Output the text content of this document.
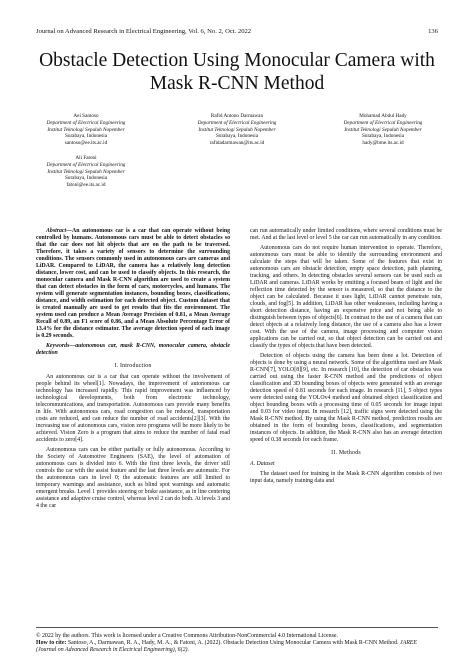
Journal on Advanced Research in Electrical Engineering, Vol. 6, No. 2, Oct. 2022	136
Obstacle Detection Using Monocular Camera with
Mask R-CNN Method
Aei Santoso
Department of Electrical Engineering
Institut Teknologi Sepuluh Nopember
Surabaya, Indonesia
santoso@ee.its.ac.id
Rafid Antono Darmawan
Department of Electrical Engineering
Institut Teknologi Sepuluh Nopember
Surabaya, Indonesia
rafidadarmawan@its.ac.id
Mohamad Abdul Hady
Department of Electrical Engineering
Institut Teknologi Sepuluh Nopember
Surabaya, Indonesia
hady@bme.its.ac.id
Ali Fatoni
Department of Electrical Engineering
Institut Teknologi Sepuluh Nopember
Surabaya, Indonesia
fatoni@ee.its.ac.id

Abstract—An autonomous car is a car that can operate without being controlled by humans. Autonomous cars must be able to detect obstacles so that the car does not hit objects that are on the path to be traversed. Therefore, it takes a variety of sensors to determine the surrounding conditions. The sensors commonly used in autonomous cars are cameras and LiDAR. Compared to LiDAR, the camera has a relatively long detection distance, lower cost, and can be used to classify objects. In this research, the monocular camera and Mask R-CNN algorithm are used to create a system that can detect obstacles in the form of cars, motorcycles, and humans. The system will generate segmentation instances, bounding boxes, classifications, distance, and width estimation for each detected object. Custom dataset that is created manually are used to get results that fits the environment. The system used can produce a Mean Average Precision of 0.81, a Mean Average Recall of 0.89, an F1 score of 0.86, and a Mean Absolute Percentage Error of 13.4% for the distance estimator. The average detection speed of each image is 0.29 seconds.

Keywords—autonomous car, mask R-CNN, monocular camera, obstacle detection

I. Introduction

An autonomous car is a car that can operate without the involvement of people behind its wheel[1]. Nowadays, the improvement of autonomous car technology has increased rapidly. This rapid improvement was influenced by technological developments, both from electronic technology, telecommunications, and transportation. Autonomous cars provide many benefits in life. With autonomous cars, road congestion can be reduced, transportation costs are reduced, and can reduce the number of road accidents[2][3]. With the increasing use of autonomous cars, vision zero programs will be more likely to be achieved. Vision Zero is a program that aims to reduce the number of fatal road accidents to zero[4].

Autonomous cars can be either partially or fully autonomous. According to the Society of Automotive Engineers (SAE), the level of automation of autonomous cars is divided into 6. With the first three levels, the driver still controls the car with the assist feature and the last three levels are automatic. For the autonomous cars in level 0; the automatic features are still limited to temporary warnings and assistance, such as blind spot warnings and automatic emergent breaks. Level 1 provides steering or brake assistance, as in line centering assistance and adaptive cruise control, whereas level 2 can do both. At levels 3 and 4 the car

can run automatically under limited conditions, where several conditions must be met. And at the last level or level 5 the car can run automatically in any condition.

Autonomous cars do not require human intervention to operate. Therefore, autonomous cars must be able to identify the surrounding environment and calculate the steps that will be taken. Some of the features that exist in autonomous cars are obstacle detection, empty space detection, path planning, tracking, and others. In detecting obstacles several sensors can be used such as LiDAR and cameras. LiDAR works by emitting a focused beam of light and the reflection time detected by the sensor is measured, so that the distance to the object can be calculated. Because it uses light, LiDAR cannot penetrate rain, clouds, and fog[5]. In addition, LiDAR has other weaknesses, including having a short detection distance, having an expensive price and not being able to distinguish between types of objects[6]. In contrast to the use of a camera that can detect objects at a relatively long distance, the use of a camera also has a lower cost. With the use of the camera, image processing and computer vision applications can be carried out, so that object detection can be carried out and classify the types of objects that have been detected.

Detection of objects using the camera has been done a lot. Detection of objects is done by using a neural network. Some of the algorithms used are Mask R-CNN[7], YOLO[8][9], etc. In research [10], the detection of car obstacles was carried out using the faster R-CNN method and the predictions of object classification and 3D bounding boxes of objects were generated with an average detection speed of 0.81 seconds for each image. In research [11], 5 object types were detected using the YOLOv4 method and obtained object classification and object bounding boxes with a processing time of 0.05 seconds for image input and 0.03 for video input. In research [12], traffic signs were detected using the Mask R-CNN method. By using the Mask R-CNN method, prediction results are obtained in the form of bounding boxes, classifications, and segmentation instances of objects. In addition, the Mask R-CNN also has an average detection speed of 0.38 seconds for each frame.

II. Methods
A. Dataset

The dataset used for training in the Mask R-CNN algorithm consists of two input data, namely training data and

© 2022 by the authors. This work is licensed under a Creative Commons Attribution-NonCommercial 4.0 International License.

How to cite: Santoso, A., Darmawan, R. A., Hady, M. A., & Fatoni, A. (2022). Obstacle Detection Using Monocular Camera with Mask R-CNN Method. JAREE (Journal on Advanced Research in Electrical Engineering), 6(2).
